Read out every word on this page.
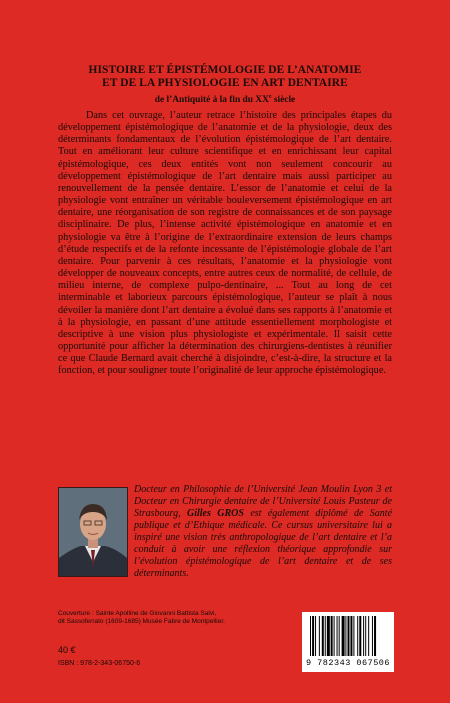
HISTOIRE ET ÉPISTÉMOLOGIE DE L’ANATOMIE
ET DE LA PHYSIOLOGIE EN ART DENTAIRE
de l’Antiquité à la fin du XXe siècle
Dans cet ouvrage, l’auteur retrace l’histoire des principales étapes du développement épistémologique de l’anatomie et de la physiologie, deux des déterminants fondamentaux de l’évolution épistémologique de l’art dentaire. Tout en améliorant leur culture scientifique et en enrichissant leur capital épistémologique, ces deux entités vont non seulement concourir au développement épistémologique de l’art dentaire mais aussi participer au renouvellement de la pensée dentaire. L’essor de l’anatomie et celui de la physiologie vont entraîner un véritable bouleversement épistémologique en art dentaire, une réorganisation de son registre de connaissances et de son paysage disciplinaire. De plus, l’intense activité épistémologique en anatomie et en physiologie va être à l’origine de l’extraordinaire extension de leurs champs d’étude respectifs et de la refonte incessante de l’épistémologie globale de l’art dentaire. Pour parvenir à ces résultats, l’anatomie et la physiologie vont développer de nouveaux concepts, entre autres ceux de normalité, de cellule, de milieu interne, de complexe pulpo-dentinaire, ... Tout au long de cet interminable et laborieux parcours épistémologique, l’auteur se plaît à nous dévoiler la manière dont l’art dentaire a évolué dans ses rapports à l’anatomie et à la physiologie, en passant d’une attitude essentiellement morphologiste et descriptive à une vision plus physiologiste et expérimentale. Il saisit cette opportunité pour afficher la détermination des chirurgiens-dentistes à réunifier ce que Claude Bernard avait cherché à disjoindre, c’est-à-dire, la structure et la fonction, et pour souligner toute l’originalité de leur approche épistémologique.
Docteur en Philosophie de l’Université Jean Moulin Lyon 3 et Docteur en Chirurgie dentaire de l’Université Louis Pasteur de Strasbourg, Gilles GROS est également diplômé de Santé publique et d’Ethique médicale. Ce cursus universitaire lui a inspiré une vision très anthropologique de l’art dentaire et l’a conduit à avoir une réflexion théorique approfondie sur l’évolution épistémologique de l’art dentaire et de ses déterminants.
Couverture : Sainte Apolline de Giovanni Battista Salvi,
dit Sassoferrato (1609-1685) Musée Fabre de Montpellier.
40 €
ISBN : 978-2-343-06750-6	9 782343 067506
